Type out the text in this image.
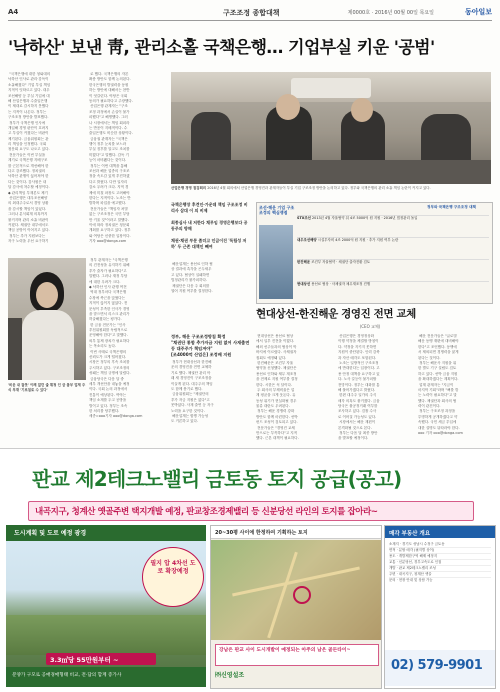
A4	구조조정 종합대책	제0000호 · 2016년 00월 00일 목요일	동아일보
'낙하산' 보낸 靑, 관리소홀 국책은행… 기업부실 키운 '공범'
"국책은행에 대한 청와대의
낙하산 인사로 관리·감독이
소홀해졌다" 기업 부실 책임
지적이 잇따르고 있다. 대우
조선해양 등 부실 기업에 대
해 산업은행과 수출입은행
이 제대로 감시하지 못했다
는 지적이 나온다. 정부는
구조조정 방안을 발표했다.
정부가 국책은행 인사에
개입해 경영 판단이 흐려지
고 부실이 커졌다는 비판이
제기된다. 금융위원회는 관
리 책임을 인정했다. 국회
청문회 요구도 나오고 있다.
전문가들은 이번 부실을
계기로 국책은행 지배구조
를 근본적으로 개선해야 한
다고 강조했다. 정치권의
낙하산 관행이 끊어져야 한
다는 것이다. 감사원은 내
달 감사에 착수할 예정이다.
◆ 관리책임 부재론도 제기
산업은행은 대우조선해양
의 최대주주로서 경영 상황
을 감시할 책임이 있었다.
그러나 분식회계 의혹까지
불거지며 관리 소홀 비판이
커졌다. 채권단 내부에서도
책임 공방이 이어지고 있다.
정부는 추가 지원보다는
자구 노력을 우선 요구하기
로 했다. 국책은행의 자본
확충 방안도 함께 논의된다.
한국은행의 발권력을 동원
하는 방안에 대해서는 찬반
이 엇갈린다. 야당은 국회
동의가 필요하다고 주장했다.
산업은행 관계자는 "구조
조정 과정에서 손실이 불가
피했다"고 해명했다. 그러
나 시장에서는 책임 회피라
는 반응이 지배적이다. 수
출입은행도 비슷한 상황이다.
금융권 관계자는 "국책은
행이 정부 눈치를 보느라
부실 징후를 알고도 조치를
미뤘다"고 말했다. 감독 기
능이 마비됐다는 것이다.
정부는 이번 대책을 통해
조선과 해운 업종의 구조조
정을 속도감 있게 추진하겠
다고 밝혔다. 다만 일자리
감소 우려가 크다. 지역 경
제에 미칠 파장도 고려해야
한다는 지적이다. 노조는 반
발하며 파업을 예고했다.
전문가들은 "책임자 처벌
없는 구조조정은 국민 부담
만 키울 것"이라고 말했다.
이에 따라 정치권은 청문회
개최를 요구하고 있다. 정부
와 여당은 신중한 입장이다.
기자 ooo@donga.com
산업은행 경영 점검회의 2016년 4월 회의에서 산업은행 경영진과 관계자들이 부실 기업 구조조정 방안을 논의하고 있다. 정부와 국책은행의 관리 소홀 책임 논란이 커지고 있다.
국책은행장 후견인·가운데 책임 구조조정 비리사 삼대 이 의 비제
최종심사 내 저한다 채무임 경영은행보다 공동주의 방해
채권·채권 부문 좀더고 인급이진 '독립성 저하' 두 근존 대책인 빼여
조선·해운 기업 구조조정의 핵심쟁점
정부와 국책은행 구조조정 대책
STX조선 2013년 4월 자율협약 뒤 4조 5000억 원 지원 · 2016년 법정관리 돌입
대우조선해양 시설투자비 4조 2000억 원 지원 · 추가 지원 여부 논란
한진해운 조건부 자율협약 · 채권단 출자전환 검토
현대상선 용선료 협상 · 사채권자 채무재조정 진행
'비운 내 잘못' 이례 없던 줄 휘청 인 금 몸부 업제 주식 부재 '기르침로 수 있다'
정부 관계자는 "국책은행
의 건전성을 유지하기 위해
추가 출자가 필요하다"고
말했다. 그러나 재정 부담
에 대한 우려가 크다.
◆ 낙하산 인사 관행 여전
역대 정부마다 국책은행
수장에 측근을 앉혔다는
지적이 끊이지 않았다. 전
문성이 부족한 인사가 경영
을 맡으면서 리스크 관리가
허술해졌다는 평가다.
한 금융 전문가는 "인사
추천위원회를 독립적으로
운영해야 한다"고 말했다.
외부 통제 장치가 필요하다
는 목소리도 높다.
이번 사태로 국책은행의
신뢰도가 크게 떨어졌다.
시장은 정부의 후속 조치를
주시하고 있다. 구조조정의
성패는 책임 규명에 달렸다.
금융당국은 다음 달 중
세부 개선안을 내놓을 예정
이다. 국회 논의 과정에서
진통이 예상된다. 여야는
책임 소재를 두고 공방을
벌이고 있다. 정부는 조속
한 처리를 당부했다.
세종=ooo기자 ooo@donga.com
해운업계는 용선료 인하 협
상 결과에 촉각을 곤두세우
고 있다. 협상이 실패하면
법정관리가 불가피하다.
채권단은 다음 주 회의를
열어 지원 여부를 결정한다.
현대상선-한진해운 경영진 전면 교체
(CEO 교체)
정부, 해운 구조조정방침 확정
"채권단 통합 추가자금 지원 없어 사재출연 등 대주주가 책임져야"
[조4000억 산업은] 조정배 지원
정부가 현대상선과 한진해
운의 경영진을 전면 교체하
기로 했다. 채권단 관리 아
래 새 경영진이 구조조정을
이끌게 된다. 대주주의 책임
도 함께 묻기로 했다.
금융위원회는 "채권단의
추가 자금 지원은 없다"고
못박았다. 사재 출연 등 자구
노력을 요구한 것이다.
해운업계는 합병 가능성
도 거론하고 있다.
현대상선은 용선료 협상
에서 일부 진전을 이뤘다.
해외 선주들과의 협상이 막
바지에 이르렀다. 사채권자
집회도 예정돼 있다.
한진해운은 조건부 자율
협약을 신청했다. 채권단은
용선료 인하와 채무 재조정
을 전제로 지원 여부를 결정
한다. 시한은 석 달이다.
두 회사의 부채비율은 업
계 평균을 크게 웃돈다. 유
동성 위기가 현실화될 경우
물류 대란도 우려된다.
정부는 해운 경쟁력 강화
방안도 함께 마련한다. 선박
펀드 조성이 검토되고 있다.
전문가들은 "경영진 교체
만으로는 부족하다"고 지적
했다. 근본 대책이 필요하다.
산업은행은 경영정상화
이행 약정을 체결할 방침이
다. 약정을 지키지 못하면
지원이 중단된다. 인력 감축
과 자산 매각도 포함된다.
노조는 일방적인 구조조정
에 반대한다는 입장이다. 고
용 안정 대책을 요구하고 있
다. 노사 갈등이 불가피할
전망이다. 정부는 대화를 통
해 풀어가겠다고 밝혔다.
한편 대주주 일가의 주식
매각 의혹도 불거졌다. 금융
당국은 불공정거래 여부를
조사하고 있다. 검찰 수사
로 이어질 가능성도 있다.
시장에서는 해운 재편이
본격화될 것으로 본다.
정부는 다음 달 최종 방안
을 발표할 예정이다.
해운 전문가들은 "글로벌
해운 동맹 재편에 대비해야
한다"고 조언했다. 동맹에
서 제외되면 경쟁력을 잃게
된다는 것이다.
정부는 해운사 지원을 위
한 별도 기구 설립도 검토
하고 있다. 선박 금융 지원
을 확대하겠다는 계획이다.
업계 관계자는 "지금이
마지막 기회"라며 "뼈를 깎
는 노력이 필요하다"고 말
했다. 채권단과 회사의 협
력이 관건이다.
정부는 구조조정 과정을
투명하게 공개하겠다고 약
속했다. 국민 세금 투입에
대한 설명도 뒤따라야 한다.
ooo 기자 ooo@donga.com
판교 제2테크노밸리 금토동 토지 공급(공고)
내곡지구, 청계산 옛골주변 택지개발 예정, 판교창조경제밸리 등 신분당선 라인의 토지를 잡아라~
도시계획 및 도로 예정 광경
필지 압 4차선 도로 확장예정
3.3㎡당 55만원부터 ~
분양가 구모로 공매경매형태 비교, 전·답의 합계 증가사
20~30평 사이에 한정하여 기획하는 토지
강남은 판교 사이 도시개발이 예정되는 아주의 남은 골든타이~
㈜신영설조
매각 부동산 개요
소재지 · 경기도 성남시 수정구 금토동
면적 · 분할 매각 (필지별 상이)
용도 · 개발제한구역 해제 예정지
교통 · 신분당선, 경부고속도로 인접
개발 · 판교 제2테크노밸리 조성
주변 · 내곡지구, 청계산 옛골
문의 · 현장 안내 및 상담 가능
02) 579-9901
